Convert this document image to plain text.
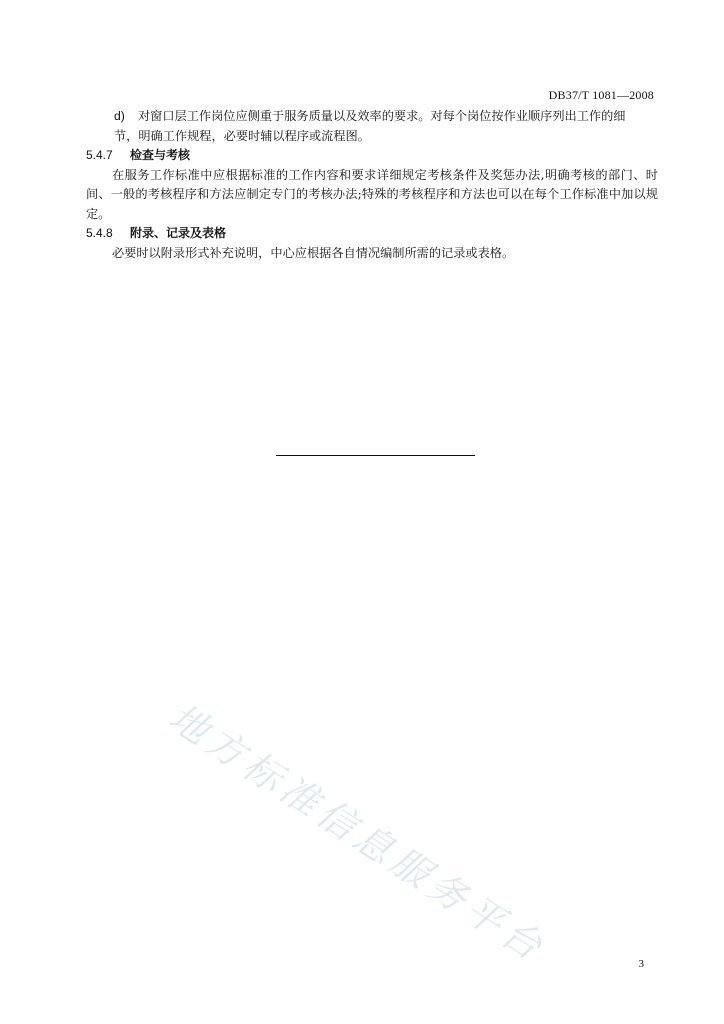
DB37/T 1081—2008

d) 对窗口层工作岗位应侧重于服务质量以及效率的要求。对每个岗位按作业顺序列出工作的细
节，明确工作规程，必要时辅以程序或流程图。

5.4.7 检查与考核

在服务工作标准中应根据标准的工作内容和要求详细规定考核条件及奖惩办法,明确考核的部门、时间、一般的考核程序和方法应制定专门的考核办法;特殊的考核程序和方法也可以在每个工作标准中加以规定。

5.4.8 附录、记录及表格

必要时以附录形式补充说明，中心应根据各自情况编制所需的记录或表格。

地方标准信息服务平台	3
